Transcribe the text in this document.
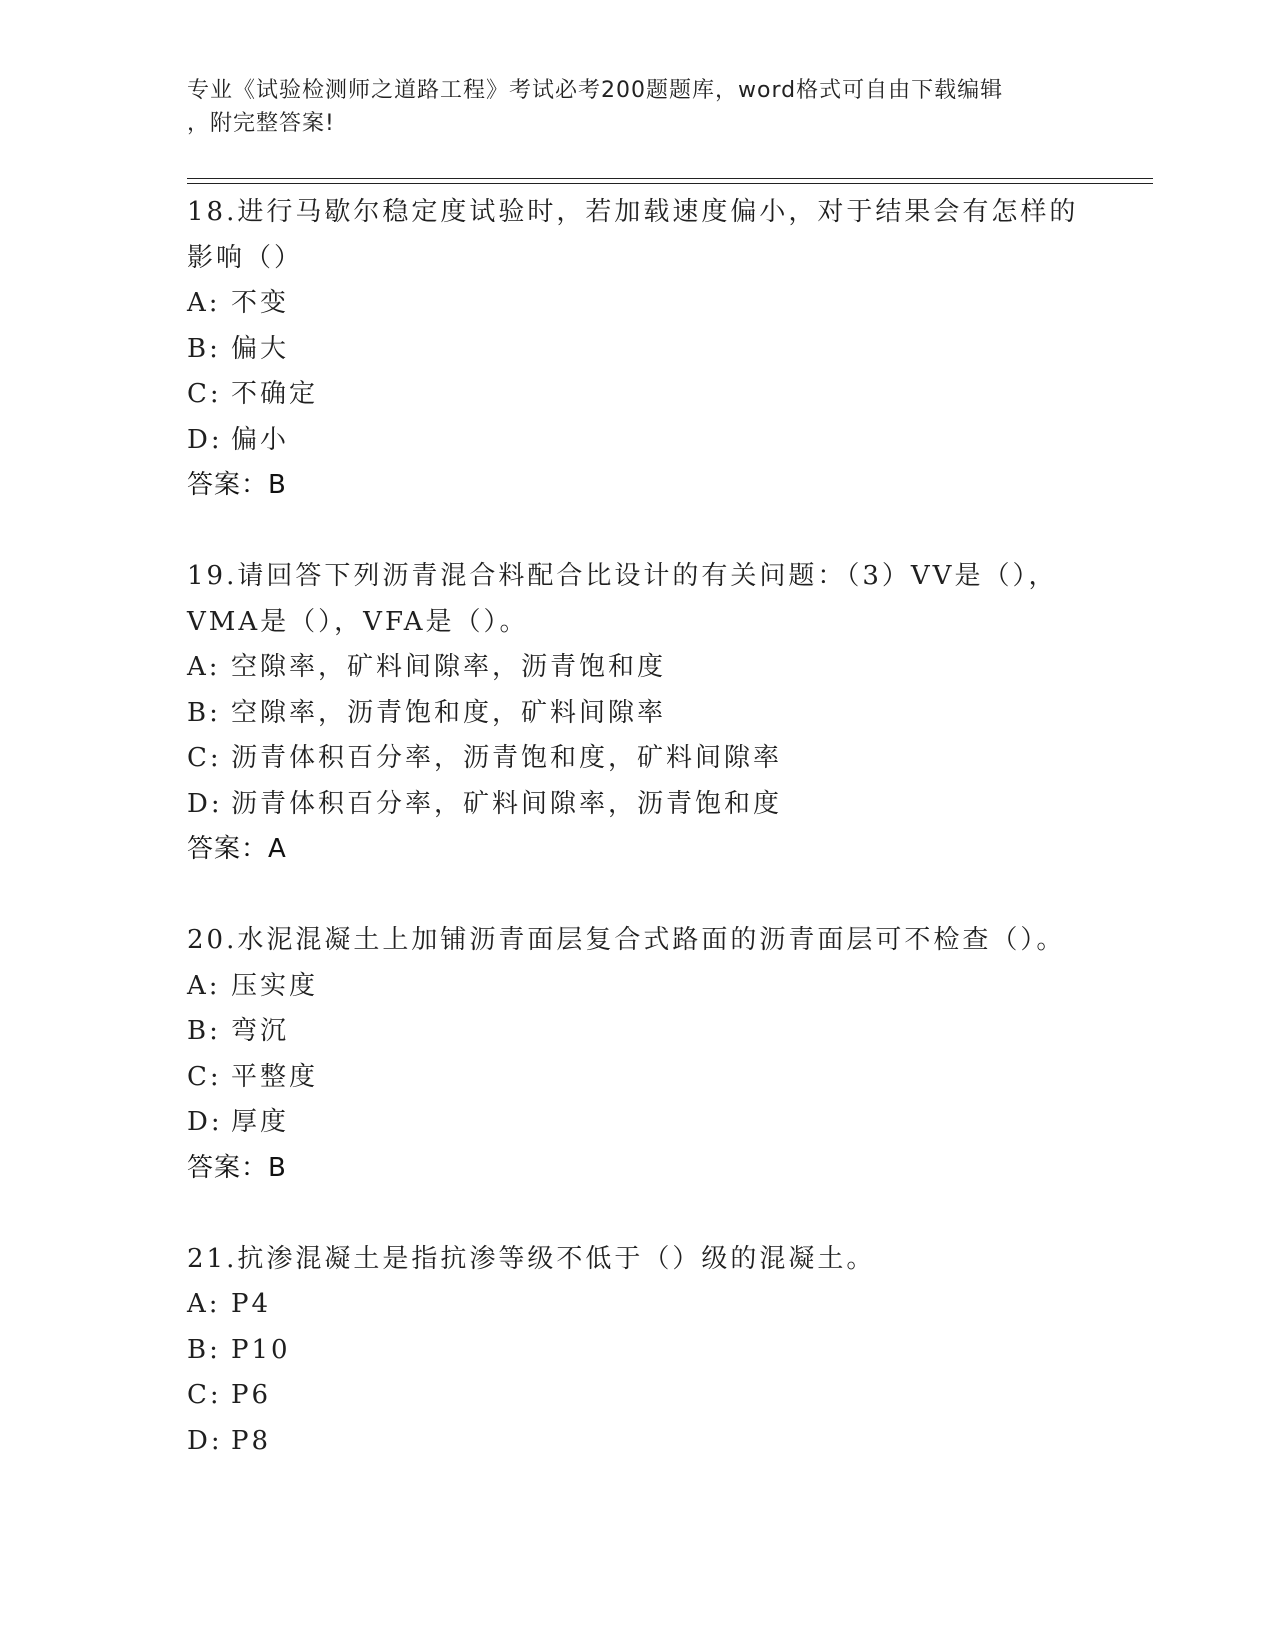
专业《试验检测师之道路工程》考试必考200题题库，word格式可自由下载编辑
，附完整答案!
18.进行马歇尔稳定度试验时，若加载速度偏小，对于结果会有怎样的
影响（）
A: 不变
B: 偏大
C: 不确定
D: 偏小
答案：B
19.请回答下列沥青混合料配合比设计的有关问题：（3）VV是（），
VMA是（），VFA是（）。
A: 空隙率，矿料间隙率，沥青饱和度
B: 空隙率，沥青饱和度，矿料间隙率
C: 沥青体积百分率，沥青饱和度，矿料间隙率
D: 沥青体积百分率，矿料间隙率，沥青饱和度
答案：A
20.水泥混凝土上加铺沥青面层复合式路面的沥青面层可不检查（）。
A: 压实度
B: 弯沉
C: 平整度
D: 厚度
答案：B
21.抗渗混凝土是指抗渗等级不低于（）级的混凝土。
A: P4
B: P10
C: P6
D: P8
